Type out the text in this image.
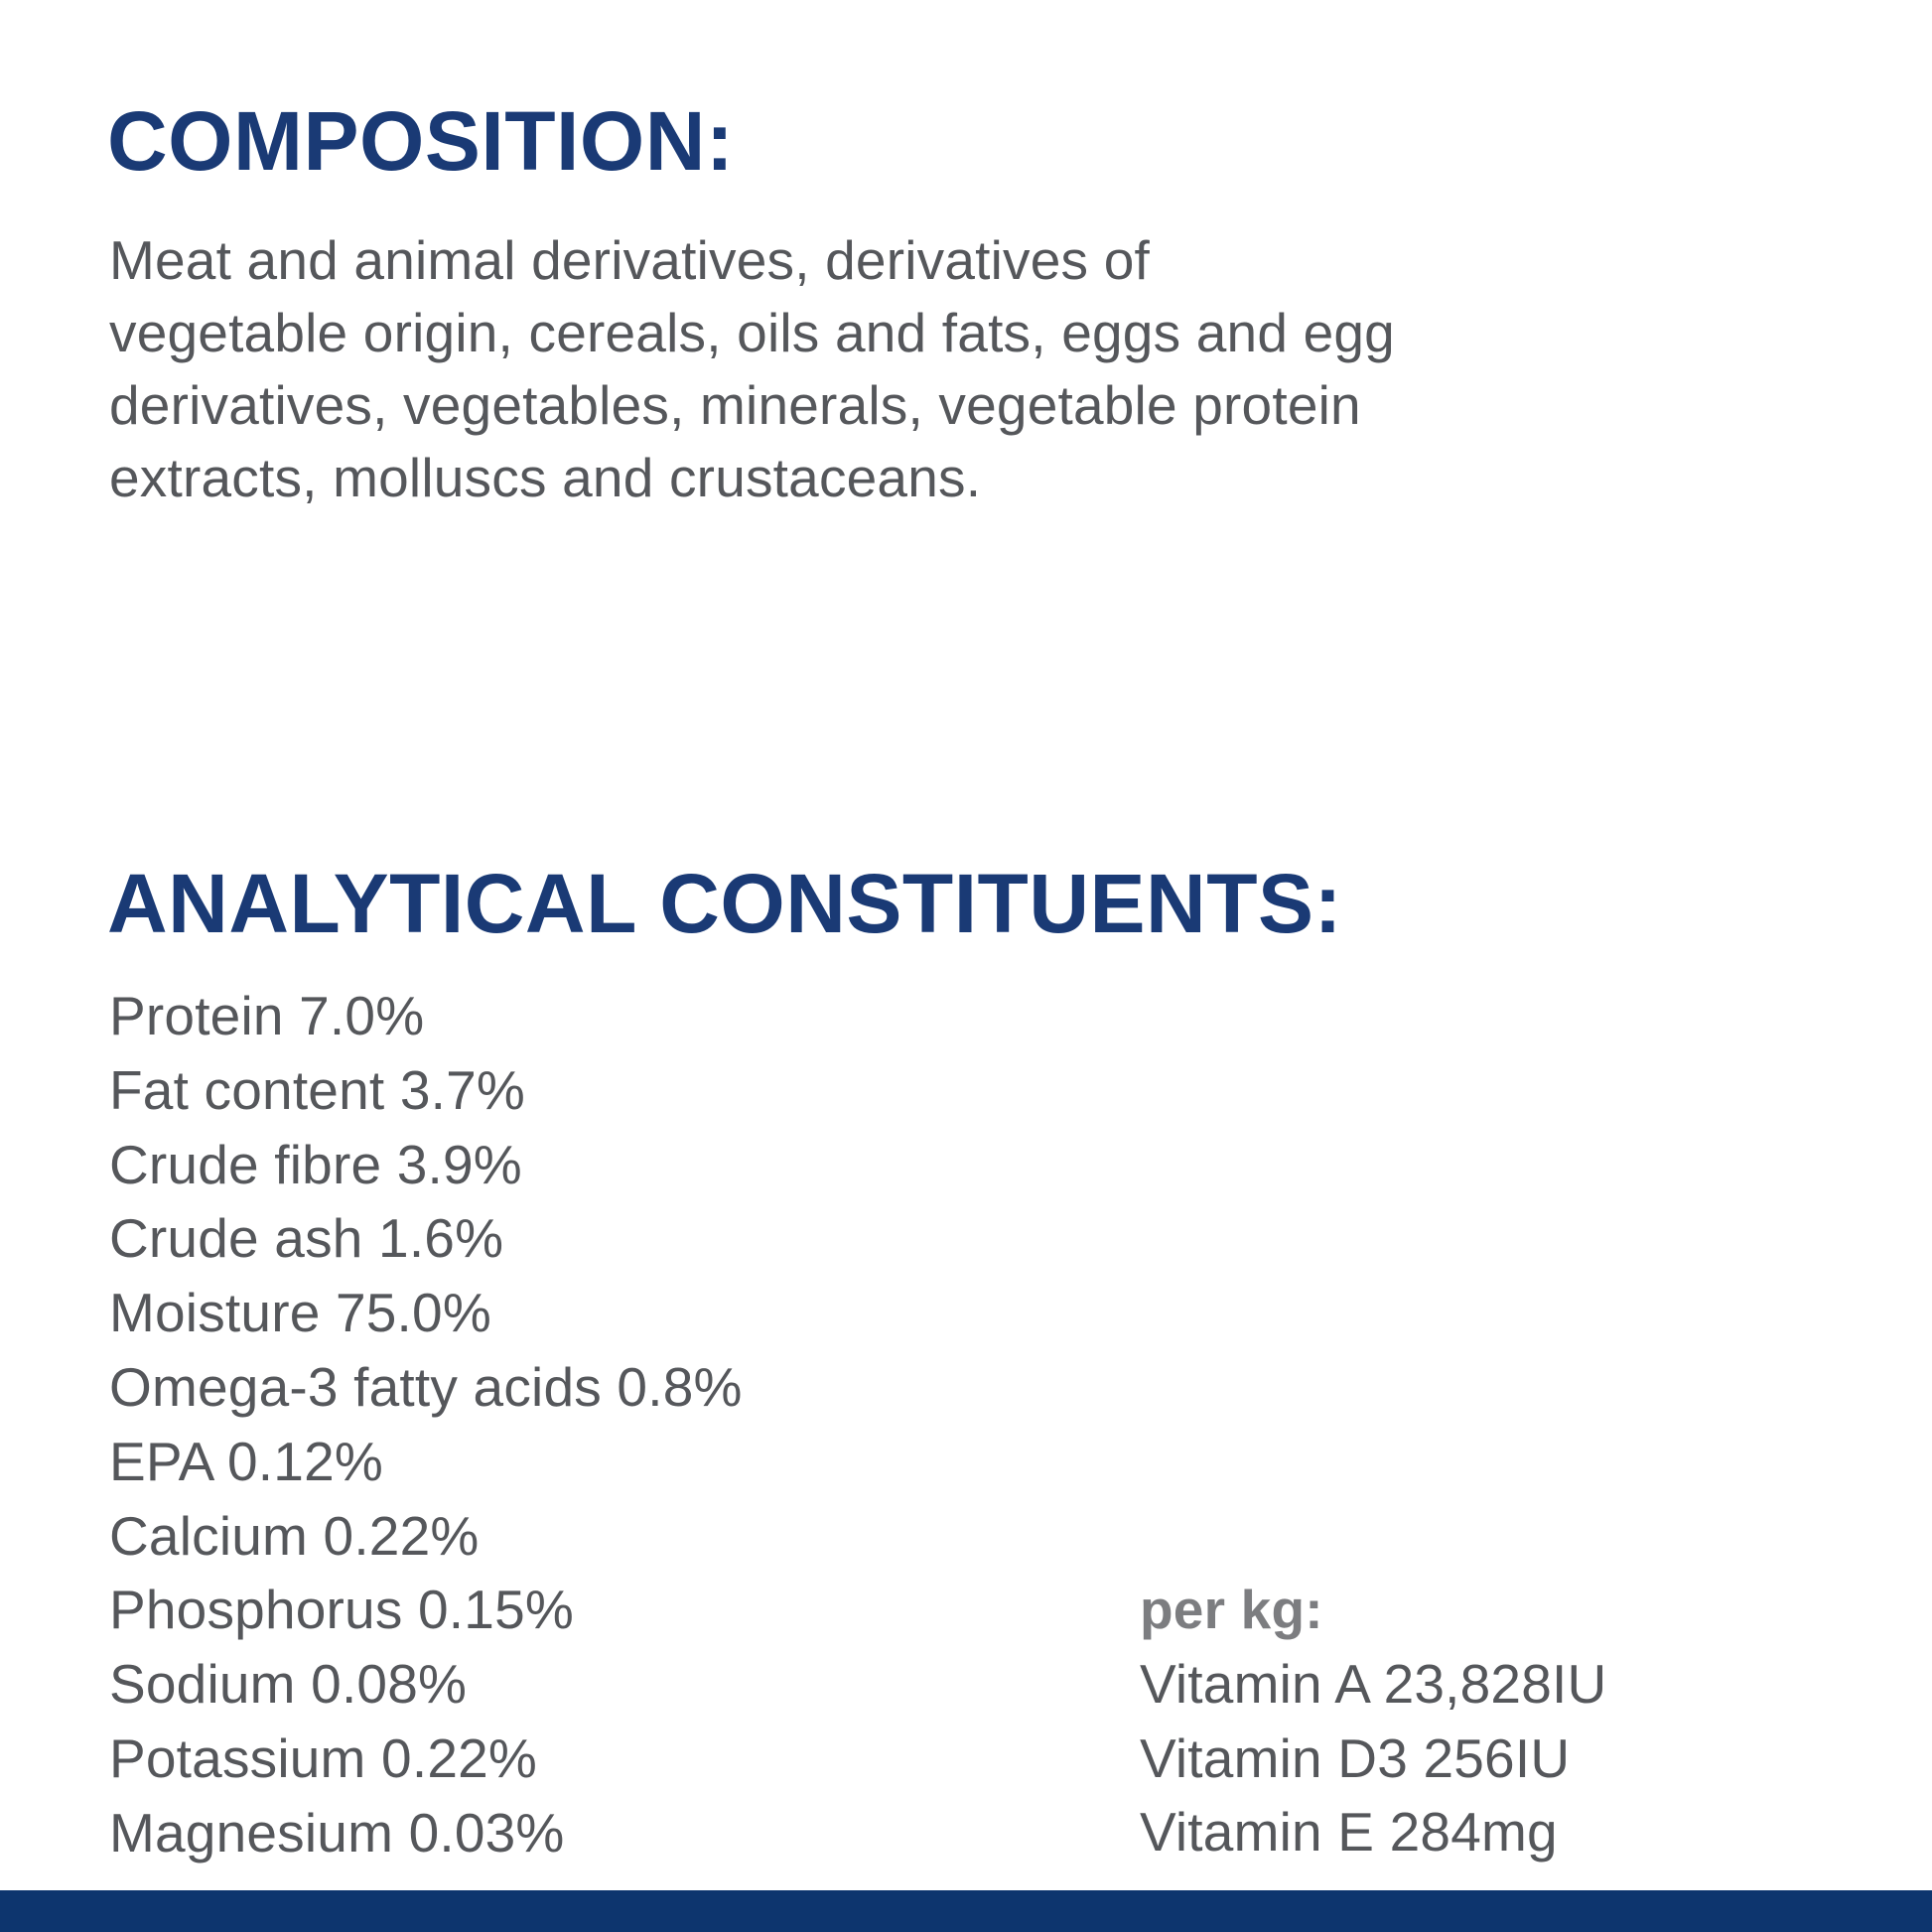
COMPOSITION:
Meat and animal derivatives, derivatives of
vegetable origin, cereals, oils and fats, eggs and egg
derivatives, vegetables, minerals, vegetable protein
extracts, molluscs and crustaceans.
ANALYTICAL CONSTITUENTS:
Protein 7.0%
Fat content 3.7%
Crude fibre 3.9%
Crude ash 1.6%
Moisture 75.0%
Omega-3 fatty acids 0.8%
EPA 0.12%
Calcium 0.22%
Phosphorus 0.15%
Sodium 0.08%
Potassium 0.22%
Magnesium 0.03%
per kg:
Vitamin A 23,828IU
Vitamin D3 256IU
Vitamin E 284mg
